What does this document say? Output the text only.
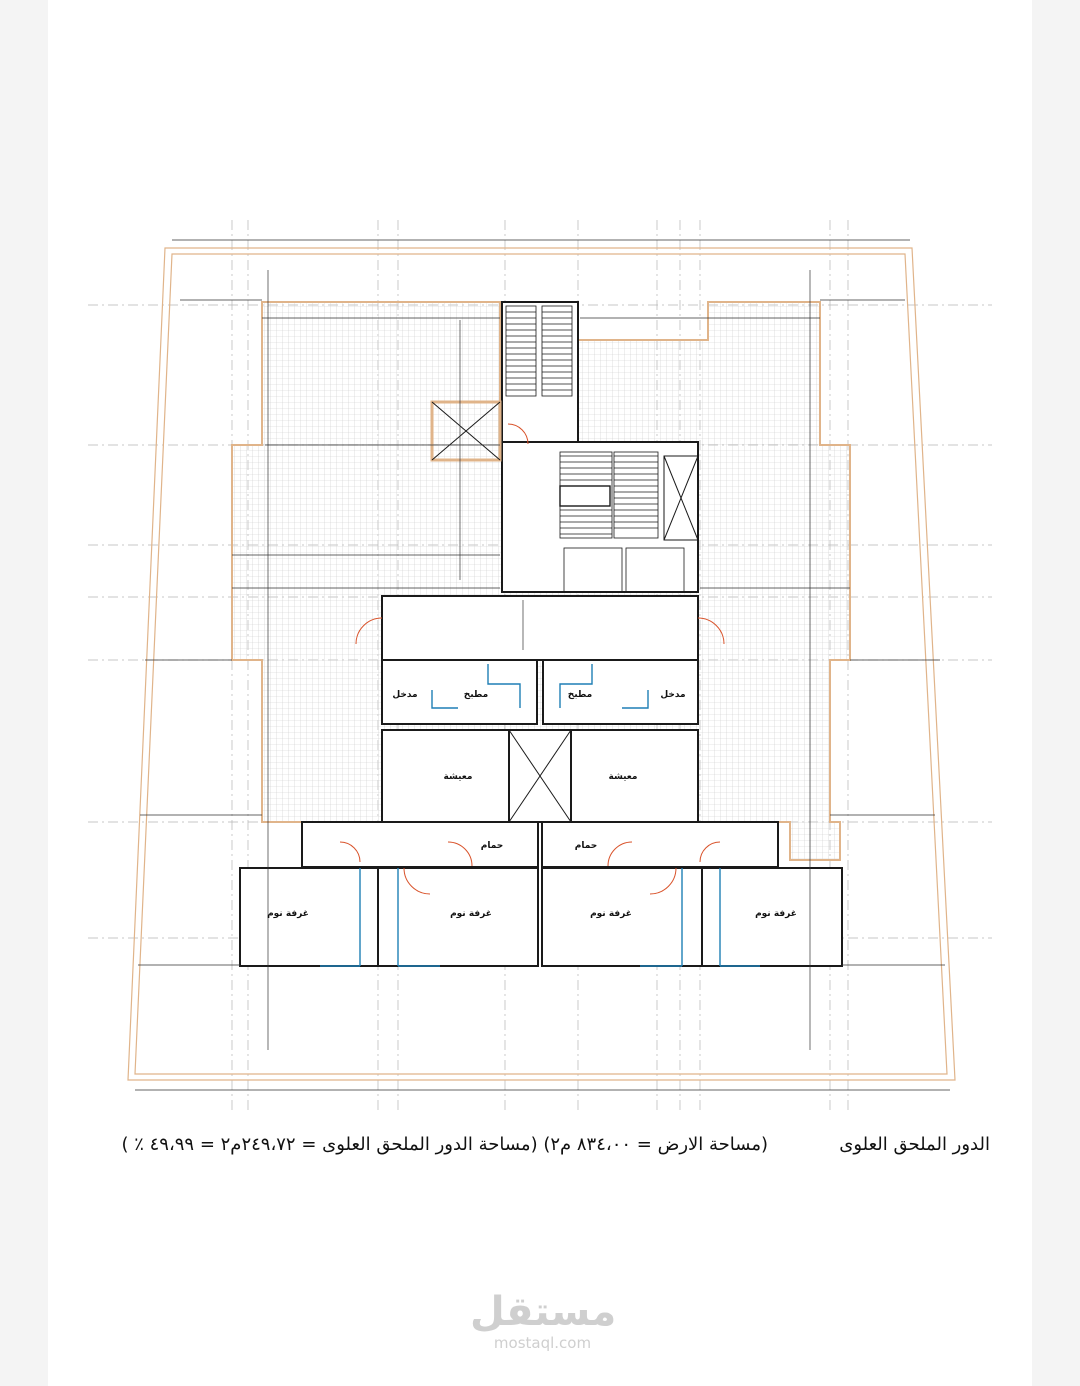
مدخل	مطبخ	مطبخ	مدخل
معيشة	معيشة
حمام	حمام
غرفة نوم	غرفة نوم	غرفة نوم	غرفة نوم
الدور الملحق العلوى
(مساحة الارض = ٨٣٤،٠٠ م٢) (مساحة الدور الملحق العلوى = ٢٤٩،٧٢م٢ = ٤٩،٩٩ ٪ )
مستقل
mostaql.com
